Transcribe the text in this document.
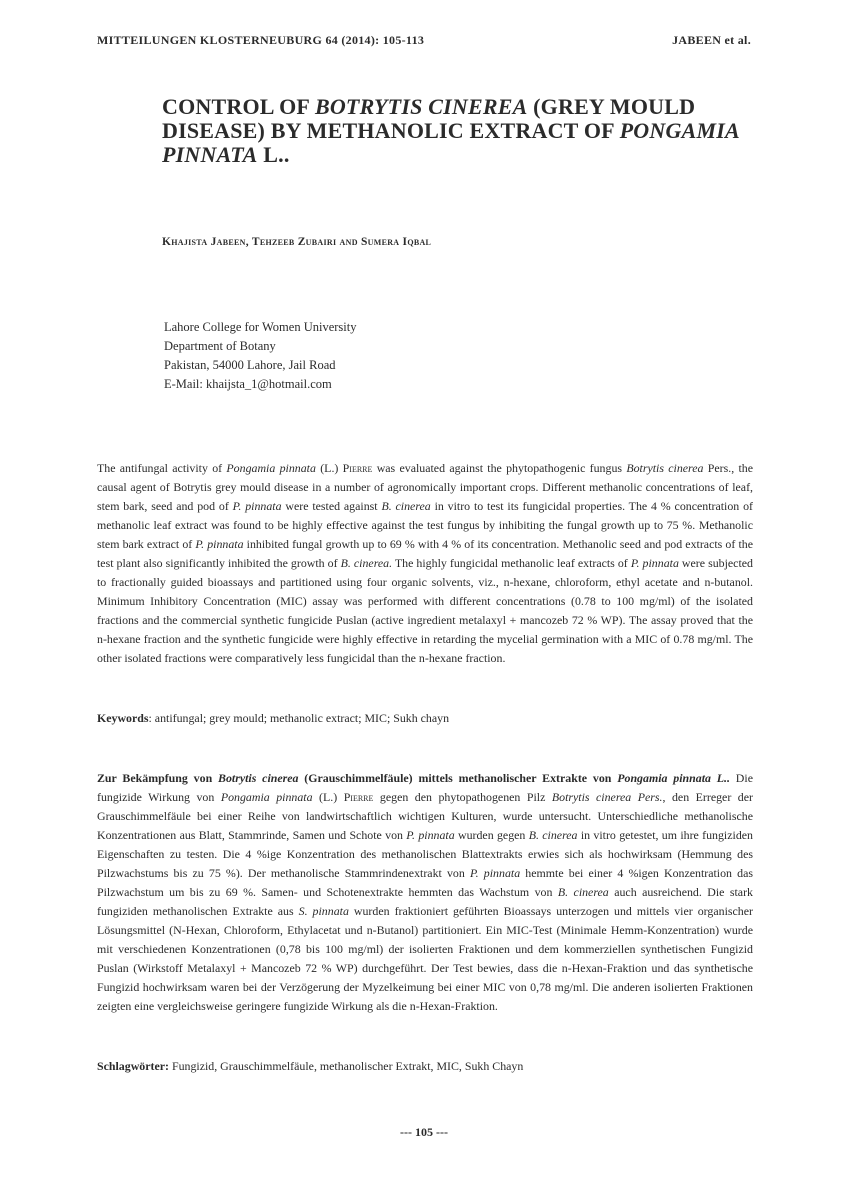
MITTEILUNGEN KLOSTERNEUBURG 64 (2014): 105-113	JABEEN et al.
CONTROL OF BOTRYTIS CINEREA (GREY MOULD DISEASE) BY METHANOLIC EXTRACT OF PONGAMIA PINNATA L..
Khajista Jabeen, Tehzeeb Zubairi and Sumera Iqbal
Lahore College for Women University
Department of Botany
Pakistan, 54000 Lahore, Jail Road
E-Mail: khaijsta_1@hotmail.com

The antifungal activity of Pongamia pinnata (L.) Pierre was evaluated against the phytopathogenic fungus Botrytis cinerea Pers., the causal agent of Botrytis grey mould disease in a number of agronomically important crops. Different methanolic concentrations of leaf, stem bark, seed and pod of P. pinnata were tested against B. cinerea in vitro to test its fungicidal properties. The 4 % concentration of methanolic leaf extract was found to be highly effective against the test fungus by inhibiting the fungal growth up to 75 %. Methanolic stem bark extract of P. pinnata inhibited fungal growth up to 69 % with 4 % of its concentration. Methanolic seed and pod extracts of the test plant also significantly inhibited the growth of B. cinerea. The highly fungicidal methanolic leaf extracts of P. pinnata were subjected to fractionally guided bioassays and partitioned using four organic solvents, viz., n-hexane, chloroform, ethyl acetate and n-butanol. Minimum Inhibitory Concentration (MIC) assay was performed with different concentrations (0.78 to 100 mg/ml) of the isolated fractions and the commercial synthetic fungicide Puslan (active ingredient metalaxyl + mancozeb 72 % WP). The assay proved that the n-hexane fraction and the synthetic fungicide were highly effective in retarding the mycelial germination with a MIC of 0.78 mg/ml. The other isolated fractions were comparatively less fungicidal than the n-hexane fraction.

Keywords: antifungal; grey mould; methanolic extract; MIC; Sukh chayn

Zur Bekämpfung von Botrytis cinerea (Grauschimmelfäule) mittels methanolischer Extrakte von Pongamia pinnata L.. Die fungizide Wirkung von Pongamia pinnata (L.) Pierre gegen den phytopathogenen Pilz Botrytis cinerea Pers., den Erreger der Grauschimmelfäule bei einer Reihe von landwirtschaftlich wichtigen Kulturen, wurde untersucht. Unterschiedliche methanolische Konzentrationen aus Blatt, Stammrinde, Samen und Schote von P. pinnata wurden gegen B. cinerea in vitro getestet, um ihre fungiziden Eigenschaften zu testen. Die 4 %ige Konzentration des methanolischen Blattextrakts erwies sich als hochwirksam (Hemmung des Pilzwachstums bis zu 75 %). Der methanolische Stammrindenextrakt von P. pinnata hemmte bei einer 4 %igen Konzentration das Pilzwachstum um bis zu 69 %. Samen- und Schotenextrakte hemmten das Wachstum von B. cinerea auch ausreichend. Die stark fungiziden methanolischen Extrakte aus S. pinnata wurden fraktioniert geführten Bioassays unterzogen und mittels vier organischer Lösungsmittel (N-Hexan, Chloroform, Ethylacetat und n-Butanol) partitioniert. Ein MIC-Test (Minimale Hemm-Konzentration) wurde mit verschiedenen Konzentrationen (0,78 bis 100 mg/ml) der isolierten Fraktionen und dem kommerziellen synthetischen Fungizid Puslan (Wirkstoff Metalaxyl + Mancozeb 72 % WP) durchgeführt. Der Test bewies, dass die n-Hexan-Fraktion und das synthetische Fungizid hochwirksam waren bei der Verzögerung der Myzelkeimung bei einer MIC von 0,78 mg/ml. Die anderen isolierten Fraktionen zeigten eine vergleichsweise geringere fungizide Wirkung als die n-Hexan-Fraktion.

Schlagwörter: Fungizid, Grauschimmelfäule, methanolischer Extrakt, MIC, Sukh Chayn

--- 105 ---
